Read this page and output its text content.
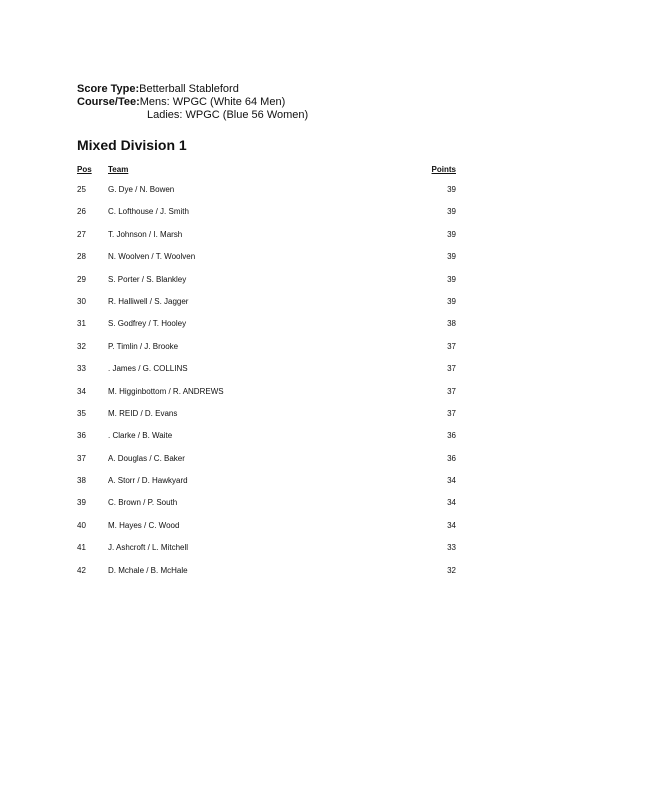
Score Type:Betterball Stableford
Course/Tee:Mens: WPGC (White 64 Men)
Ladies: WPGC (Blue 56 Women)
Mixed Division 1
Pos Team	Points
25	G. Dye / N. Bowen	39
26	C. Lofthouse / J. Smith	39
27	T. Johnson / I. Marsh	39
28	N. Woolven / T. Woolven	39
29	S. Porter / S. Blankley	39
30	R. Halliwell / S. Jagger	39
31	S. Godfrey / T. Hooley	38
32	P. Timlin / J. Brooke	37
33	. James / G. COLLINS	37
34	M. Higginbottom / R. ANDREWS	37
35	M. REID / D. Evans	37
36	. Clarke / B. Waite	36
37	A. Douglas / C. Baker	36
38	A. Storr / D. Hawkyard	34
39	C. Brown / P. South	34
40	M. Hayes / C. Wood	34
41	J. Ashcroft / L. Mitchell	33
42	D. Mchale / B. McHale	32
